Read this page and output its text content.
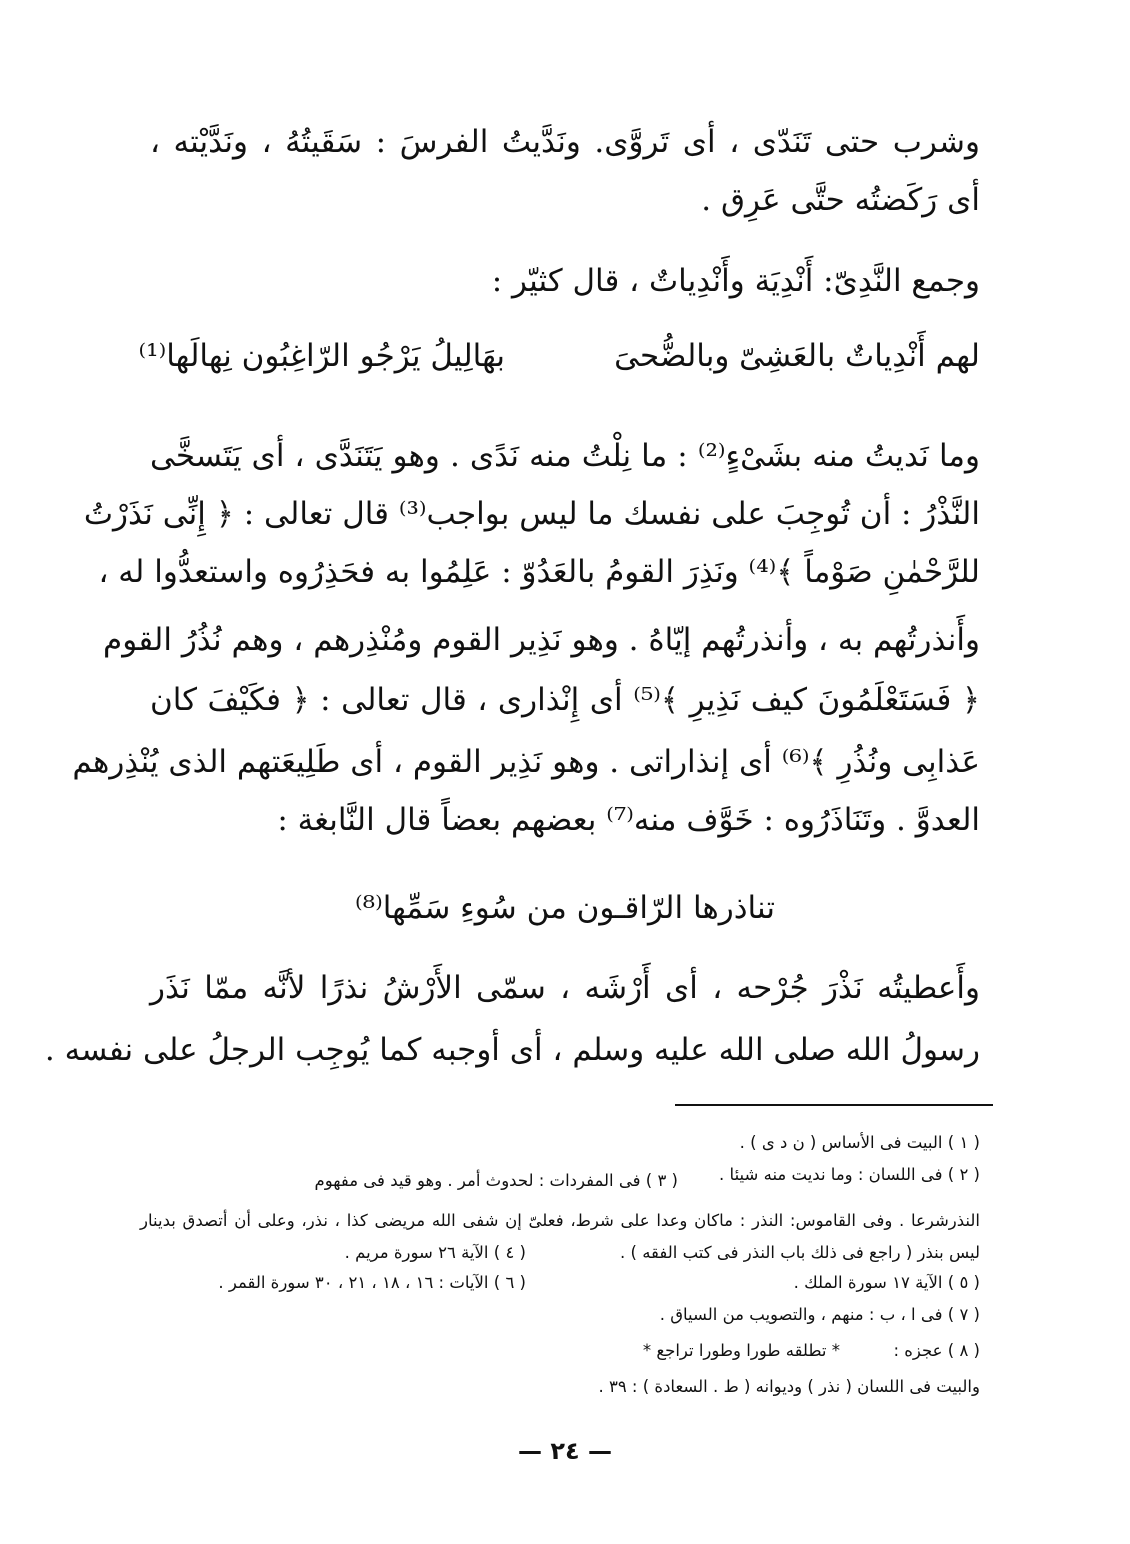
وشرب حتى تَنَدّى ، أى تَروَّى. ونَدَّيتُ الفرسَ : سَقَيتُهُ ، ونَدَّيْته ،
أى رَكَضتُه حتَّى عَرِق .
وجمع النَّدِىّ: أَنْدِيَة وأَنْدِياتٌ ، قال كثيّر :
لهم أَنْدِياتٌ بالعَشِىّ وبالضُّحىَ
بهَالِيلُ يَرْجُو الرّاغِبُون نِهالَها⁽¹⁾
وما نَديتُ منه بشَىْءٍ⁽²⁾ : ما نِلْتُ منه نَدًى . وهو يَتَنَدَّى ، أى يَتَسخَّى
النَّذْرُ : أن تُوجِبَ على نفسك ما ليس بواجب⁽³⁾ قال تعالى : ﴿ إِنِّى نَذَرْتُ
للرَّحْمٰنِ صَوْماً ﴾⁽⁴⁾ ونَذِرَ القومُ بالعَدُوّ : عَلِمُوا به فحَذِرُوه واستعدُّوا له ،
وأَنذرتُهم به ، وأنذرتُهم إيّاهُ . وهو نَذِير القوم ومُنْذِرهم ، وهم نُذُرُ القوم
﴿ فَسَتَعْلَمُونَ كيف نَذِيرِ ﴾⁽⁵⁾ أى إِنْذارى ، قال تعالى : ﴿ فكَيْفَ كان
عَذابِى ونُذُرِ ﴾⁽⁶⁾ أى إنذاراتى . وهو نَذِير القوم ، أى طَلِيعَتهم الذى يُنْذِرهم
العدوَّ . وتَنَاذَرُوه : خَوَّف منه⁽⁷⁾ بعضهم بعضاً قال النَّابغة :
تناذرها الرّاقـون من سُوءِ سَمِّها⁽⁸⁾
وأَعطيتُه نَذْرَ جُرْحه ، أى أَرْشَه ، سمّى الأَرْشُ نذرًا لأنَّه ممّا نَذَر
رسولُ الله صلى الله عليه وسلم ، أى أوجبه كما يُوجِب الرجلُ على نفسه .
( ١ ) البيت فى الأساس ( ن د ى ) .
( ٢ ) فى اللسان : وما نديت منه شيئا .
( ٣ ) فى المفردات : لحدوث أمر . وهو قيد فى مفهوم
النذرشرعا . وفى القاموس: النذر : ماكان وعدا على شرط، فعلىّ إن شفى الله مريضى كذا ، نذر، وعلى أن أتصدق بدينار
ليس بنذر ( راجع فى ذلك باب النذر فى كتب الفقه ) .
( ٤ ) الآية ٢٦ سورة مريم .
( ٥ ) الآية ١٧ سورة الملك .
( ٦ ) الآيات : ١٦ ، ١٨ ، ٢١ ، ٣٠ سورة القمر .
( ٧ ) فى ا ، ب : منهم ، والتصويب من السياق .
( ٨ ) عجزه :
* تطلقه طورا وطورا تراجع *
والبيت فى اللسان ( نذر ) وديوانه ( ط . السعادة ) : ٣٩ .
— ٢٤ —
